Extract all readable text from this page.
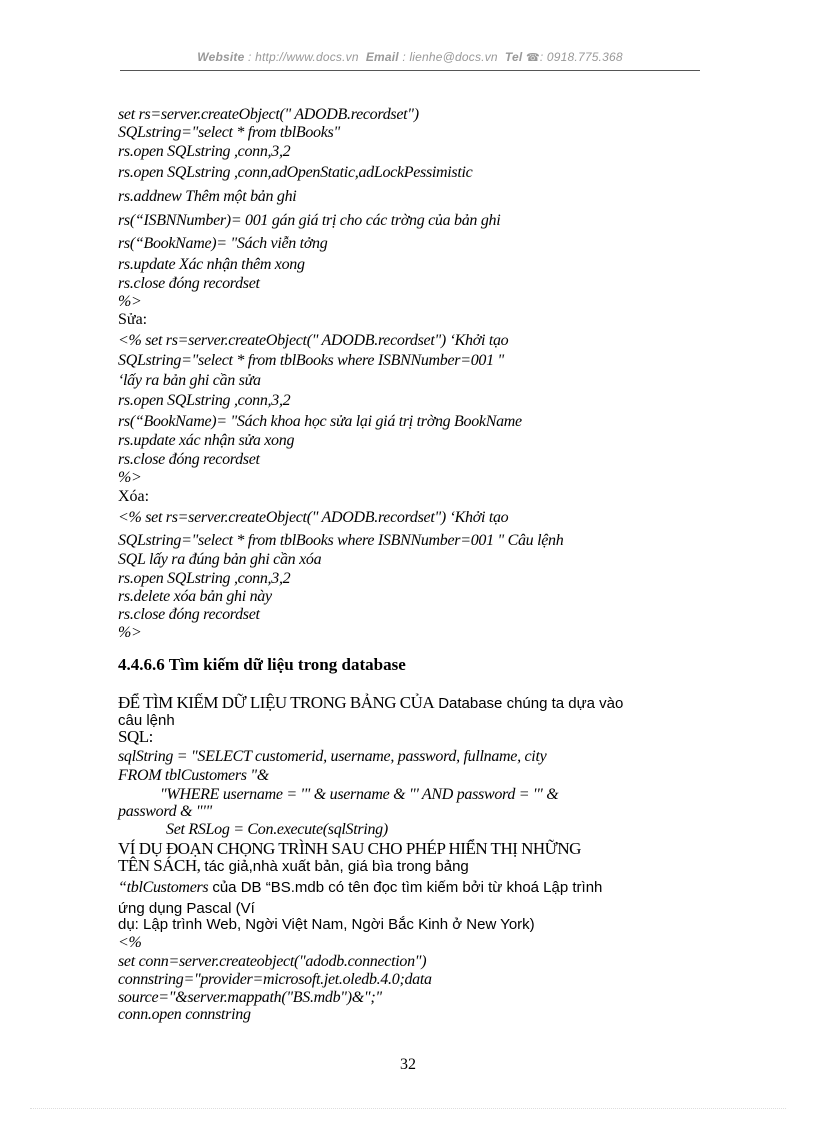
Website : http://www.docs.vn Email : lienhe@docs.vn Tel ☎: 0918.775.368
set rs=server.createObject(" ADODB.recordset")
SQLstring="select * from tblBooks"
rs.open SQLstring ,conn,3,2
rs.open SQLstring ,conn,adOpenStatic,adLockPessimistic
rs.addnew Thêm một bản ghi
rs(“ISBNNumber)= 001 gán giá trị cho các trờng của bản ghi
rs(“BookName)= "Sách viễn tởng
rs.update Xác nhận thêm xong
rs.close đóng recordset
%>
Sửa:
<% set rs=server.createObject(" ADODB.recordset") ‘Khởi tạo
SQLstring="select * from tblBooks where ISBNNumber=001 "
‘lấy ra bản ghi cần sửa
rs.open SQLstring ,conn,3,2
rs(“BookName)= "Sách khoa học sửa lại giá trị trờng BookName
rs.update xác nhận sửa xong
rs.close đóng recordset
%>
Xóa:
<% set rs=server.createObject(" ADODB.recordset") ‘Khởi tạo
SQLstring="select * from tblBooks where ISBNNumber=001 " Câu lệnh
SQL lấy ra đúng bản ghi cần xóa
rs.open SQLstring ,conn,3,2
rs.delete xóa bản ghi này
rs.close đóng recordset
%>
4.4.6.6 Tìm kiếm dữ liệu trong database
ĐỂ TÌM KIẾM DỮ LIỆU TRONG BẢNG CỦA Database chúng ta dựa vào
câu lệnh
SQL:
sqlString = "SELECT customerid, username, password, fullname, city
FROM tblCustomers "&
"WHERE username = '" & username & "' AND password = '" &
password & "'"
Set RSLog = Con.execute(sqlString)
VÍ DỤ ĐOẠN CHỌNG TRÌNH SAU CHO PHÉP HIỂN THỊ NHỮNG
TÊN SÁCH, tác giả,nhà xuất bản, giá bìa trong bảng
“tblCustomers của DB “BS.mdb có tên đọc tìm kiếm bởi từ khoá Lập trình
ứng dụng Pascal (Ví
dụ: Lập trình Web, Ngời Việt Nam, Ngời Bắc Kinh ở New York)
<%
set conn=server.createobject("adodb.connection")
connstring="provider=microsoft.jet.oledb.4.0;data
source="&server.mappath("BS.mdb")&";"
conn.open connstring
32
